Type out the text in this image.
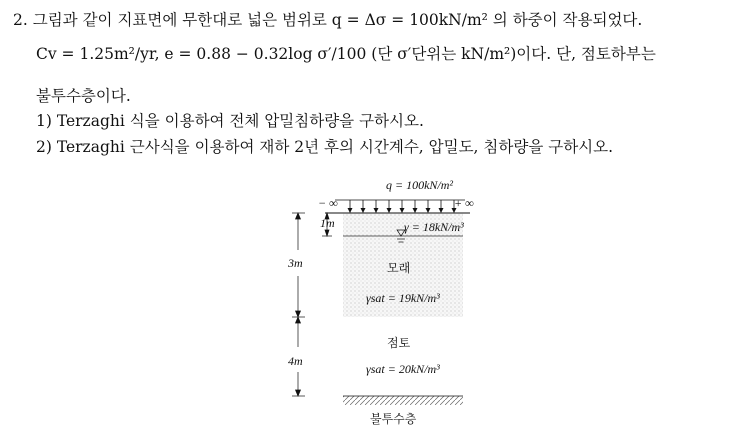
2. 그림과 같이 지표면에 무한대로 넓은 범위로 q = Δσ = 100kN/m² 의 하중이 작용되었다.
Cv = 1.25m²/yr, e = 0.88 − 0.32log σ′/100 (단 σ′단위는 kN/m²)이다. 단, 점토하부는
불투수층이다.
1) Terzaghi 식을 이용하여 전체 압밀침하량을 구하시오.
2) Terzaghi 근사식을 이용하여 재하 2년 후의 시간계수, 압밀도, 침하량을 구하시오.
q = 100kN/m²
− ∞	+ ∞
1m	γ = 18kN/m³
3m	모래
γsat = 19kN/m³
점토
4m
γsat = 20kN/m³
불투수층
